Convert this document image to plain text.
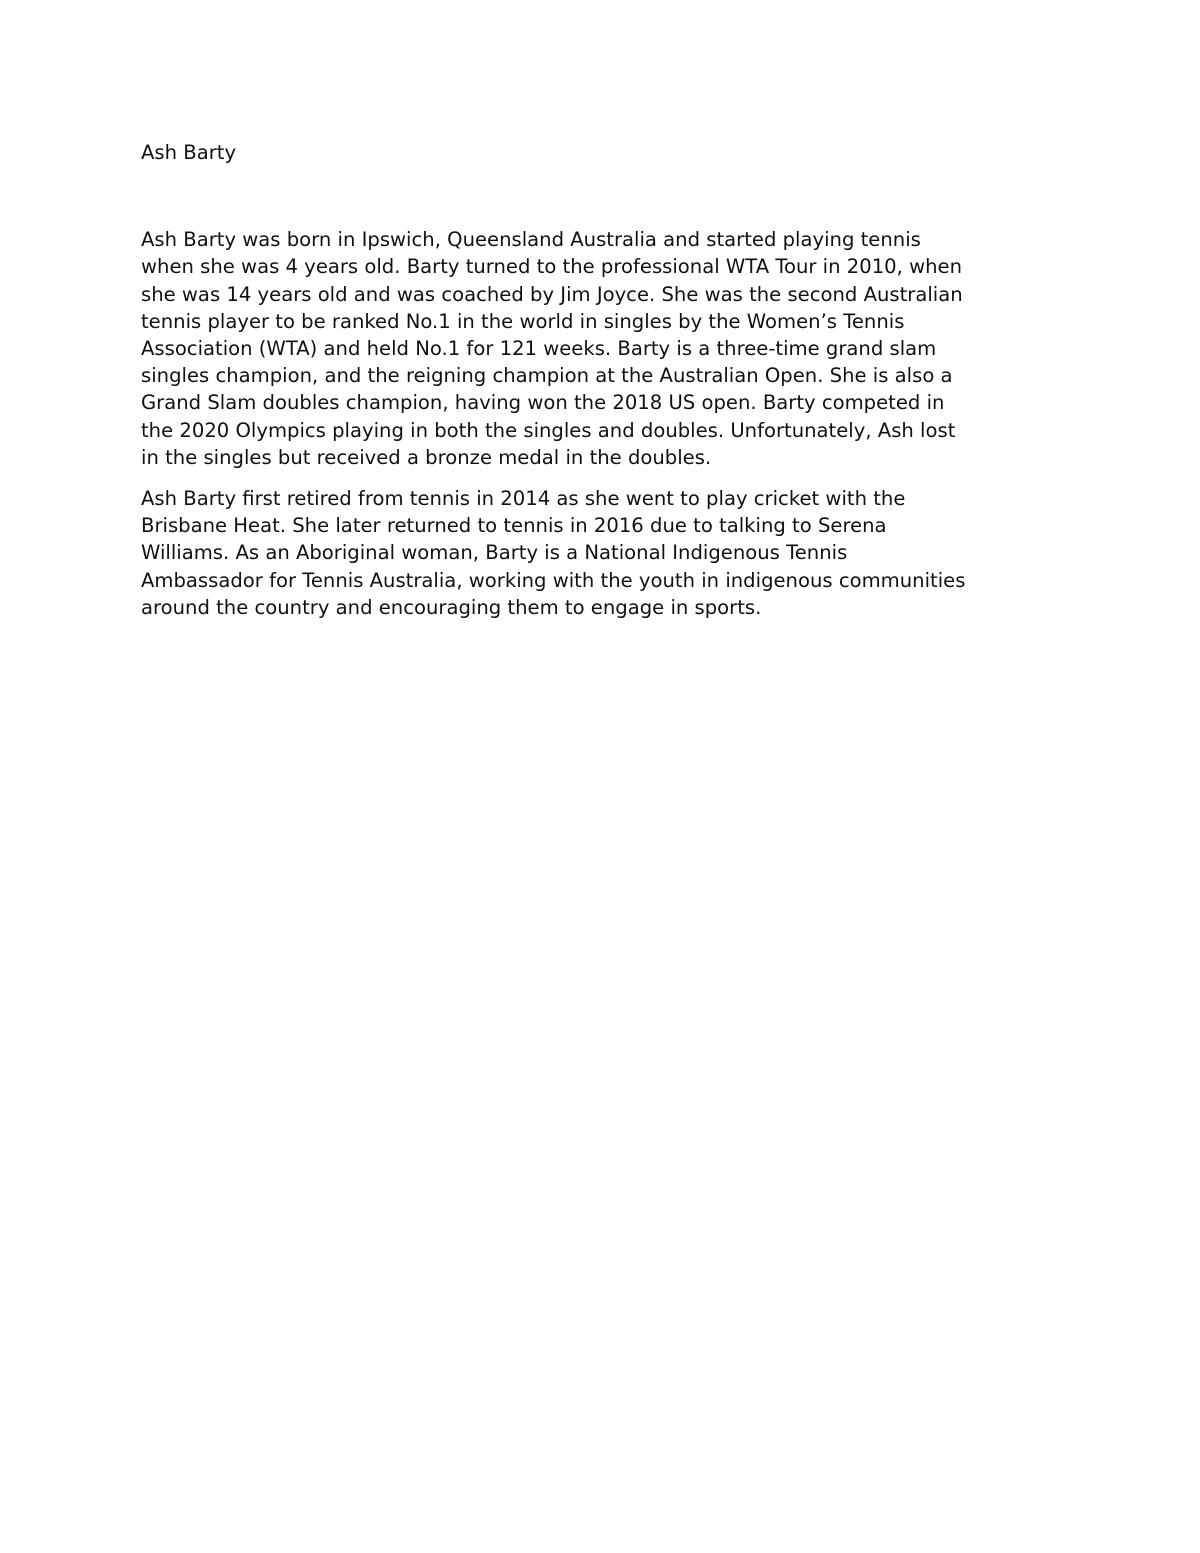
Ash Barty

Ash Barty was born in Ipswich, Queensland Australia and started playing tennis
when she was 4 years old. Barty turned to the professional WTA Tour in 2010, when
she was 14 years old and was coached by Jim Joyce. She was the second Australian
tennis player to be ranked No.1 in the world in singles by the Women’s Tennis
Association (WTA) and held No.1 for 121 weeks. Barty is a three-time grand slam
singles champion, and the reigning champion at the Australian Open. She is also a
Grand Slam doubles champion, having won the 2018 US open. Barty competed in
the 2020 Olympics playing in both the singles and doubles. Unfortunately, Ash lost
in the singles but received a bronze medal in the doubles.

Ash Barty first retired from tennis in 2014 as she went to play cricket with the
Brisbane Heat. She later returned to tennis in 2016 due to talking to Serena
Williams. As an Aboriginal woman, Barty is a National Indigenous Tennis
Ambassador for Tennis Australia, working with the youth in indigenous communities
around the country and encouraging them to engage in sports.
